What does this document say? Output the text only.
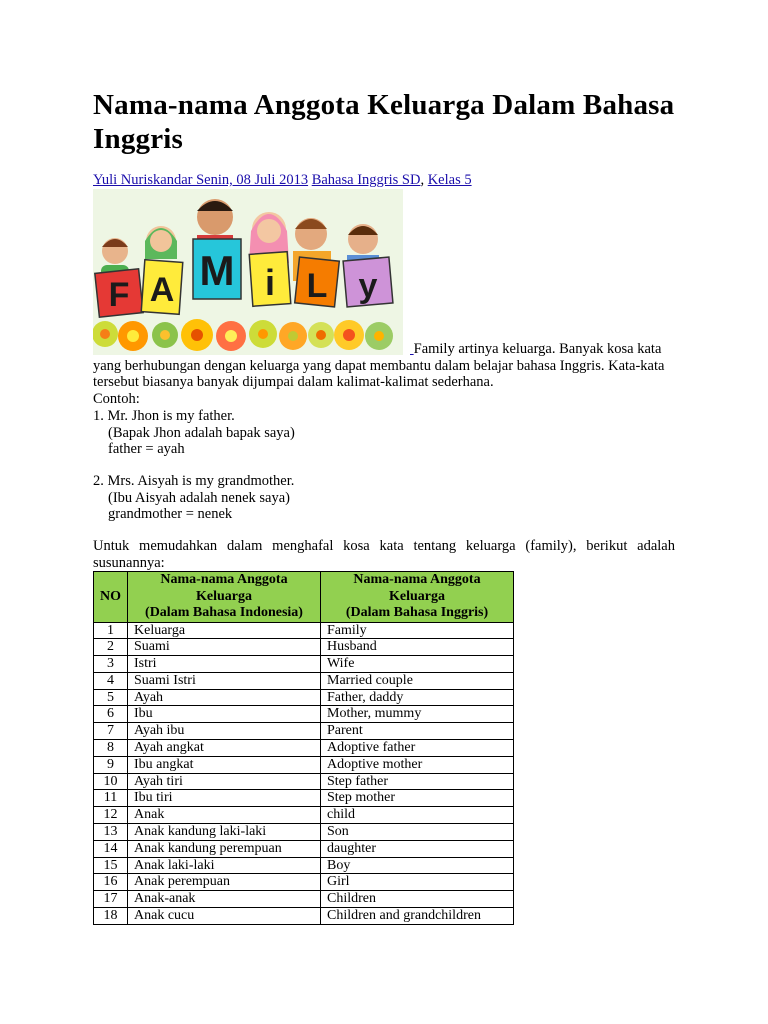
Nama-nama Anggota Keluarga Dalam Bahasa Inggris
Yuli Nuriskandar Senin, 08 Juli 2013 Bahasa Inggris SD, Kelas 5
F A M i L y
Family artinya keluarga. Banyak kosa kata yang berhubungan dengan keluarga yang dapat membantu dalam belajar bahasa Inggris. Kata-kata tersebut biasanya banyak dijumpai dalam kalimat-kalimat sederhana.
Contoh:
1. Mr. Jhon is my father.
(Bapak Jhon adalah bapak saya)
father = ayah
2. Mrs. Aisyah is my grandmother.
(Ibu Aisyah adalah nenek saya)
grandmother = nenek
Untuk memudahkan dalam menghafal kosa kata tentang keluarga (family), berikut adalah susunannya:
NO	Nama-nama Anggota
Keluarga
(Dalam Bahasa Indonesia)	Nama-nama Anggota
Keluarga
(Dalam Bahasa Inggris)
1	Keluarga	Family
2	Suami	Husband
3	Istri	Wife
4	Suami Istri	Married couple
5	Ayah	Father, daddy
6	Ibu	Mother, mummy
7	Ayah ibu	Parent
8	Ayah angkat	Adoptive father
9	Ibu angkat	Adoptive mother
10	Ayah tiri	Step father
11	Ibu tiri	Step mother
12	Anak	child
13	Anak kandung laki-laki	Son
14	Anak kandung perempuan	daughter
15	Anak laki-laki	Boy
16	Anak perempuan	Girl
17	Anak-anak	Children
18	Anak cucu	Children and grandchildren
